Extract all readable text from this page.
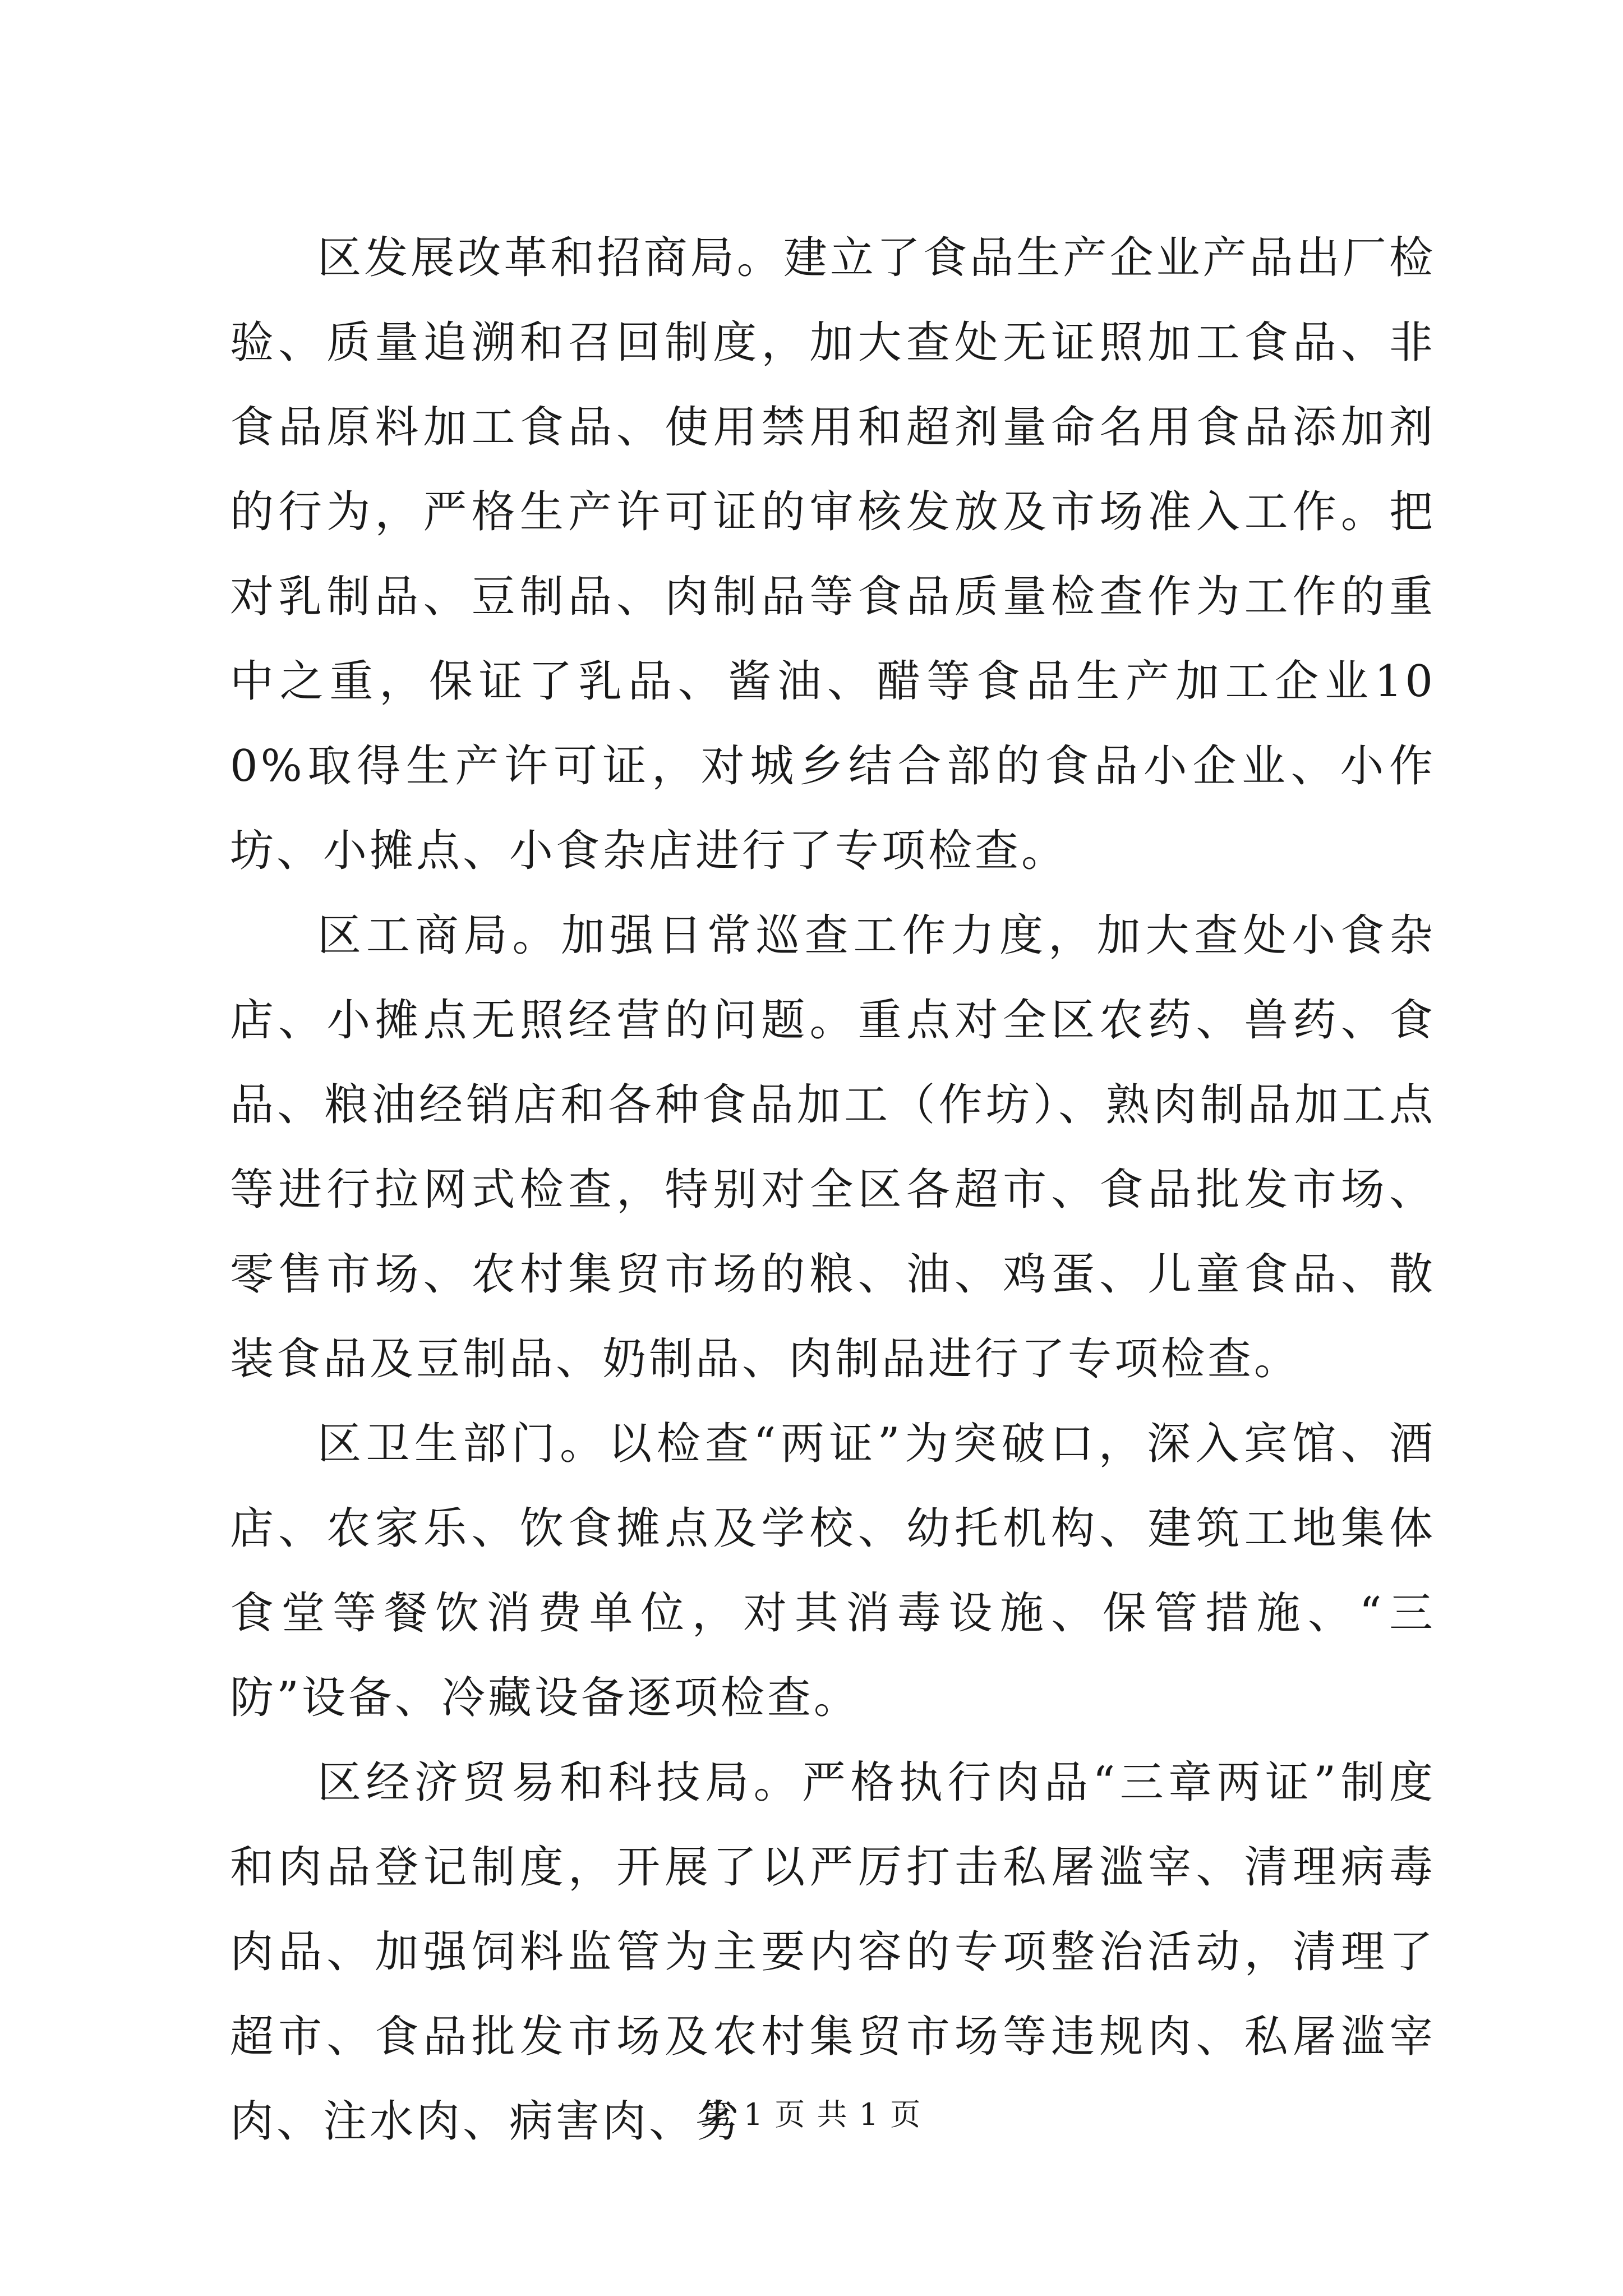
区发展改革和招商局。建立了食品生产企业产品出厂检验、质量追溯和召回制度，加大查处无证照加工食品、非食品原料加工食品、使用禁用和超剂量命名用食品添加剂的行为，严格生产许可证的审核发放及市场准入工作。把对乳制品、豆制品、肉制品等食品质量检查作为工作的重中之重，保证了乳品、酱油、醋等食品生产加工企业100%取得生产许可证，对城乡结合部的食品小企业、小作坊、小摊点、小食杂店进行了专项检查。

区工商局。加强日常巡查工作力度，加大查处小食杂店、小摊点无照经营的问题。重点对全区农药、兽药、食品、粮油经销店和各种食品加工（作坊）、熟肉制品加工点等进行拉网式检查，特别对全区各超市、食品批发市场、零售市场、农村集贸市场的粮、油、鸡蛋、儿童食品、散装食品及豆制品、奶制品、肉制品进行了专项检查。

区卫生部门。以检查“两证”为突破口，深入宾馆、酒店、农家乐、饮食摊点及学校、幼托机构、建筑工地集体食堂等餐饮消费单位，对其消毒设施、保管措施、“三防”设备、冷藏设备逐项检查。

区经济贸易和科技局。严格执行肉品“三章两证”制度和肉品登记制度，开展了以严厉打击私屠滥宰、清理病毒肉品、加强饲料监管为主要内容的专项整治活动，清理了超市、食品批发市场及农村集贸市场等违规肉、私屠滥宰肉、注水肉、病害肉、劣

第 1 页 共 1 页
